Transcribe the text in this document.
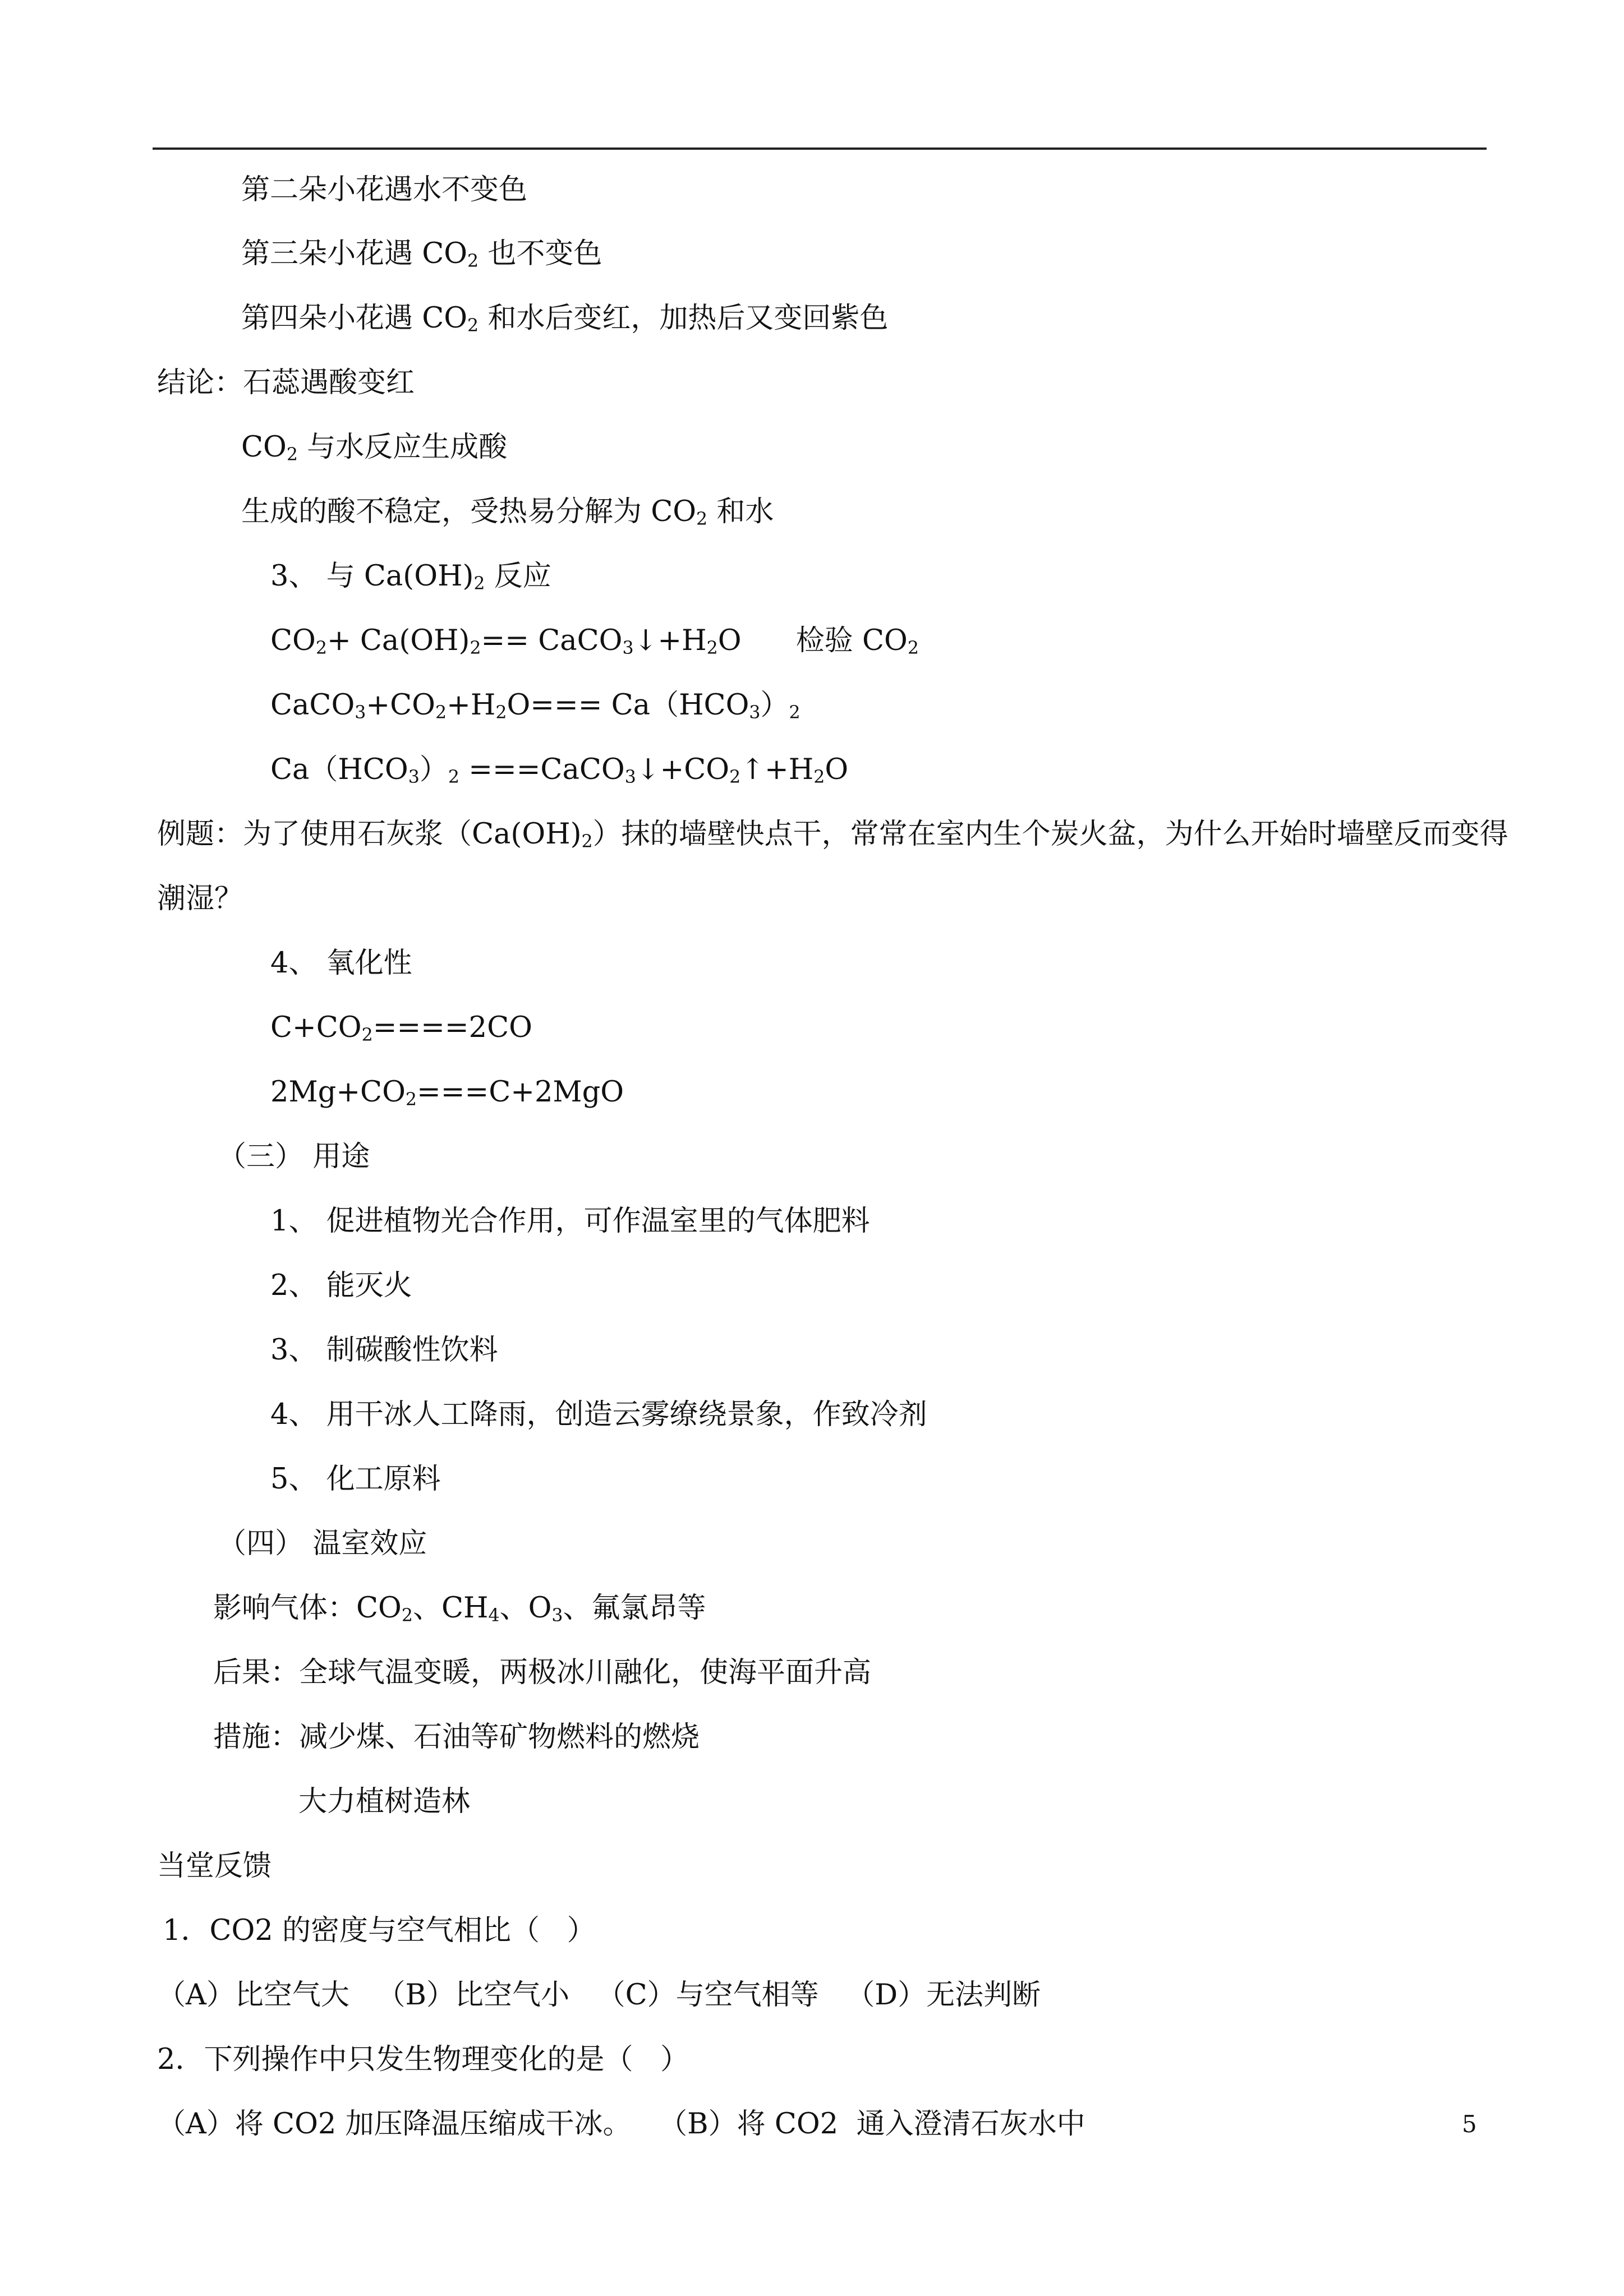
第二朵小花遇水不变色
第三朵小花遇 $CO_2$ 也不变色
第四朵小花遇 $CO_2$ 和水后变红，加热后又变回紫色
结论：石蕊遇酸变红
$CO_2$ 与水反应生成酸
生成的酸不稳定，受热易分解为 $CO_2$ 和水
3、 与 $Ca(OH)_2$ 反应
$CO_2+ Ca(OH)_2==$ $CaCO_3↓+H_2O$      检验 $CO_2$
$CaCO_3+CO_2+H_2O=== Ca(HCO_3)_2$
$Ca(HCO_3)_2$ $===CaCO_3↓+CO_2↑+H_2O$
例题：为了使用石灰浆$(Ca(OH)_2)$抹的墙壁快点干，常常在室内生个炭火盆，为什么开始时墙壁反而变得
潮湿？
4、 氧化性
$C+CO_2====2CO$
$2Mg+CO_2===C+2MgO$
（三） 用途
1、 促进植物光合作用，可作温室里的气体肥料
2、 能灭火
3、 制碳酸性饮料
4、 用干冰人工降雨，创造云雾缭绕景象，作致冷剂
5、 化工原料
（四） 温室效应
影响气体：$CO_2$、$CH_4$、$O_3$、氟氯昂等
后果：全球气温变暖，两极冰川融化，使海平面升高
措施：减少煤、石油等矿物燃料的燃烧
大力植树造林
当堂反馈
1．CO2 的密度与空气相比（   ）
（A）比空气大   （B）比空气小   （C）与空气相等   （D）无法判断
2．下列操作中只发生物理变化的是（   ）
（A）将 CO2 加压降温压缩成干冰。   （B）将 CO2  通入澄清石灰水中	5
